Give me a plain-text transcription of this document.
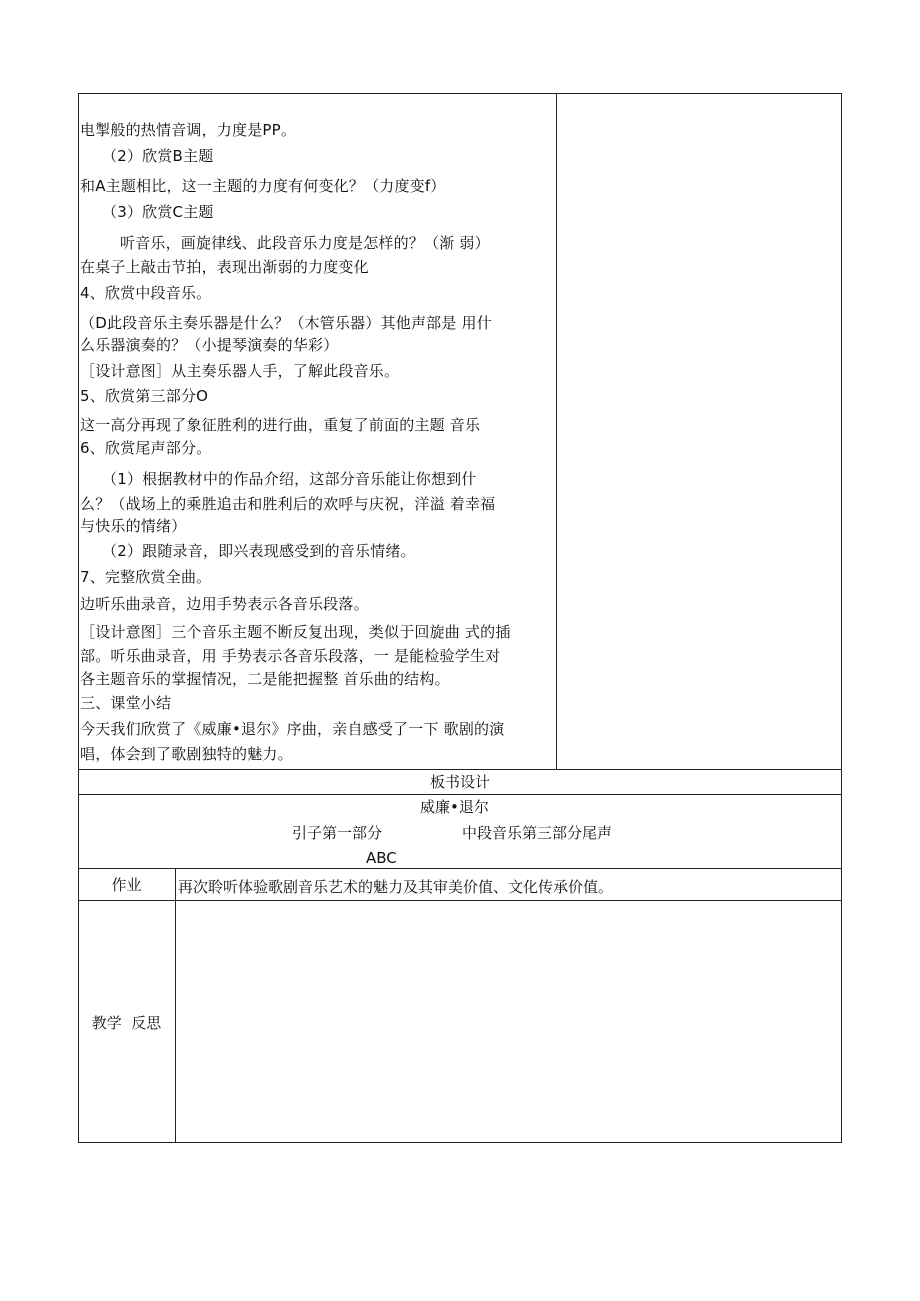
电掣般的热情音调，力度是PP。
（2）欣赏B主题
和A主题相比，这一主题的力度有何变化？（力度变f）
（3）欣赏C主题
听音乐，画旋律线、此段音乐力度是怎样的？（渐 弱）
在桌子上敲击节拍，表现出渐弱的力度变化
4、欣赏中段音乐。
（D此段音乐主奏乐器是什么？（木管乐器）其他声部是 用什
么乐器演奏的？（小提琴演奏的华彩）
［设计意图］从主奏乐器人手，了解此段音乐。
5、欣赏第三部分O
这一高分再现了象征胜利的进行曲，重复了前面的主题 音乐
6、欣赏尾声部分。
（1）根据教材中的作品介绍，这部分音乐能让你想到什
么？（战场上的乘胜追击和胜利后的欢呼与庆祝，洋溢 着幸福
与快乐的情绪）
（2）跟随录音，即兴表现感受到的音乐情绪。
7、完整欣赏全曲。
边听乐曲录音，边用手势表示各音乐段落。
［设计意图］三个音乐主题不断反复出现，类似于回旋曲 式的插
部。听乐曲录音，用 手势表示各音乐段落，一 是能检验学生对
各主题音乐的掌握情况，二是能把握整 首乐曲的结构。
三、课堂小结
今天我们欣赏了《威廉•退尔》序曲，亲自感受了一下 歌剧的演
唱，体会到了歌剧独特的魅力。
板书设计
威廉•退尔
引子第一部分	中段音乐第三部分尾声
ABC
作业	再次聆听体验歌剧音乐艺术的魅力及其审美价值、文化传承价值。
教学  反思
